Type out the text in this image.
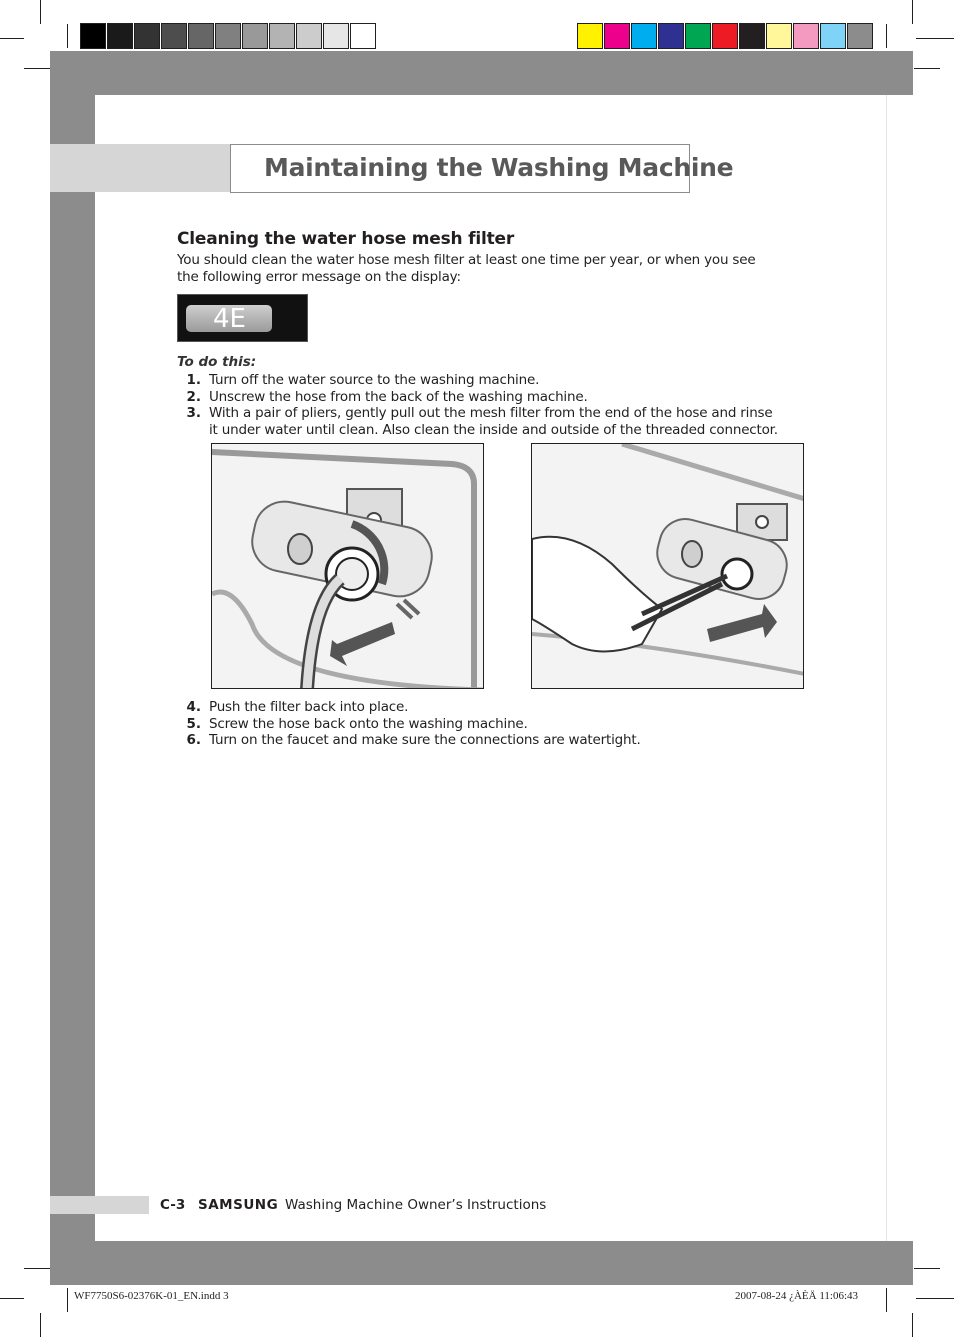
Maintaining the Washing Machine
Cleaning the water hose mesh filter
You should clean the water hose mesh filter at least one time per year, or when you see the following error message on the display:
4E
To do this:
1. Turn off the water source to the washing machine.
2. Unscrew the hose from the back of the washing machine.
3. With a pair of pliers, gently pull out the mesh filter from the end of the hose and rinse it under water until clean. Also clean the inside and outside of the threaded connector.
4. Push the filter back into place.
5. Screw the hose back onto the washing machine.
6. Turn on the faucet and make sure the connections are watertight.
C-3 SAMSUNG Washing Machine Owner’s Instructions
WF7750S6-02376K-01_EN.indd 3	2007-08-24 ¿ÀÈÄ 11:06:43
